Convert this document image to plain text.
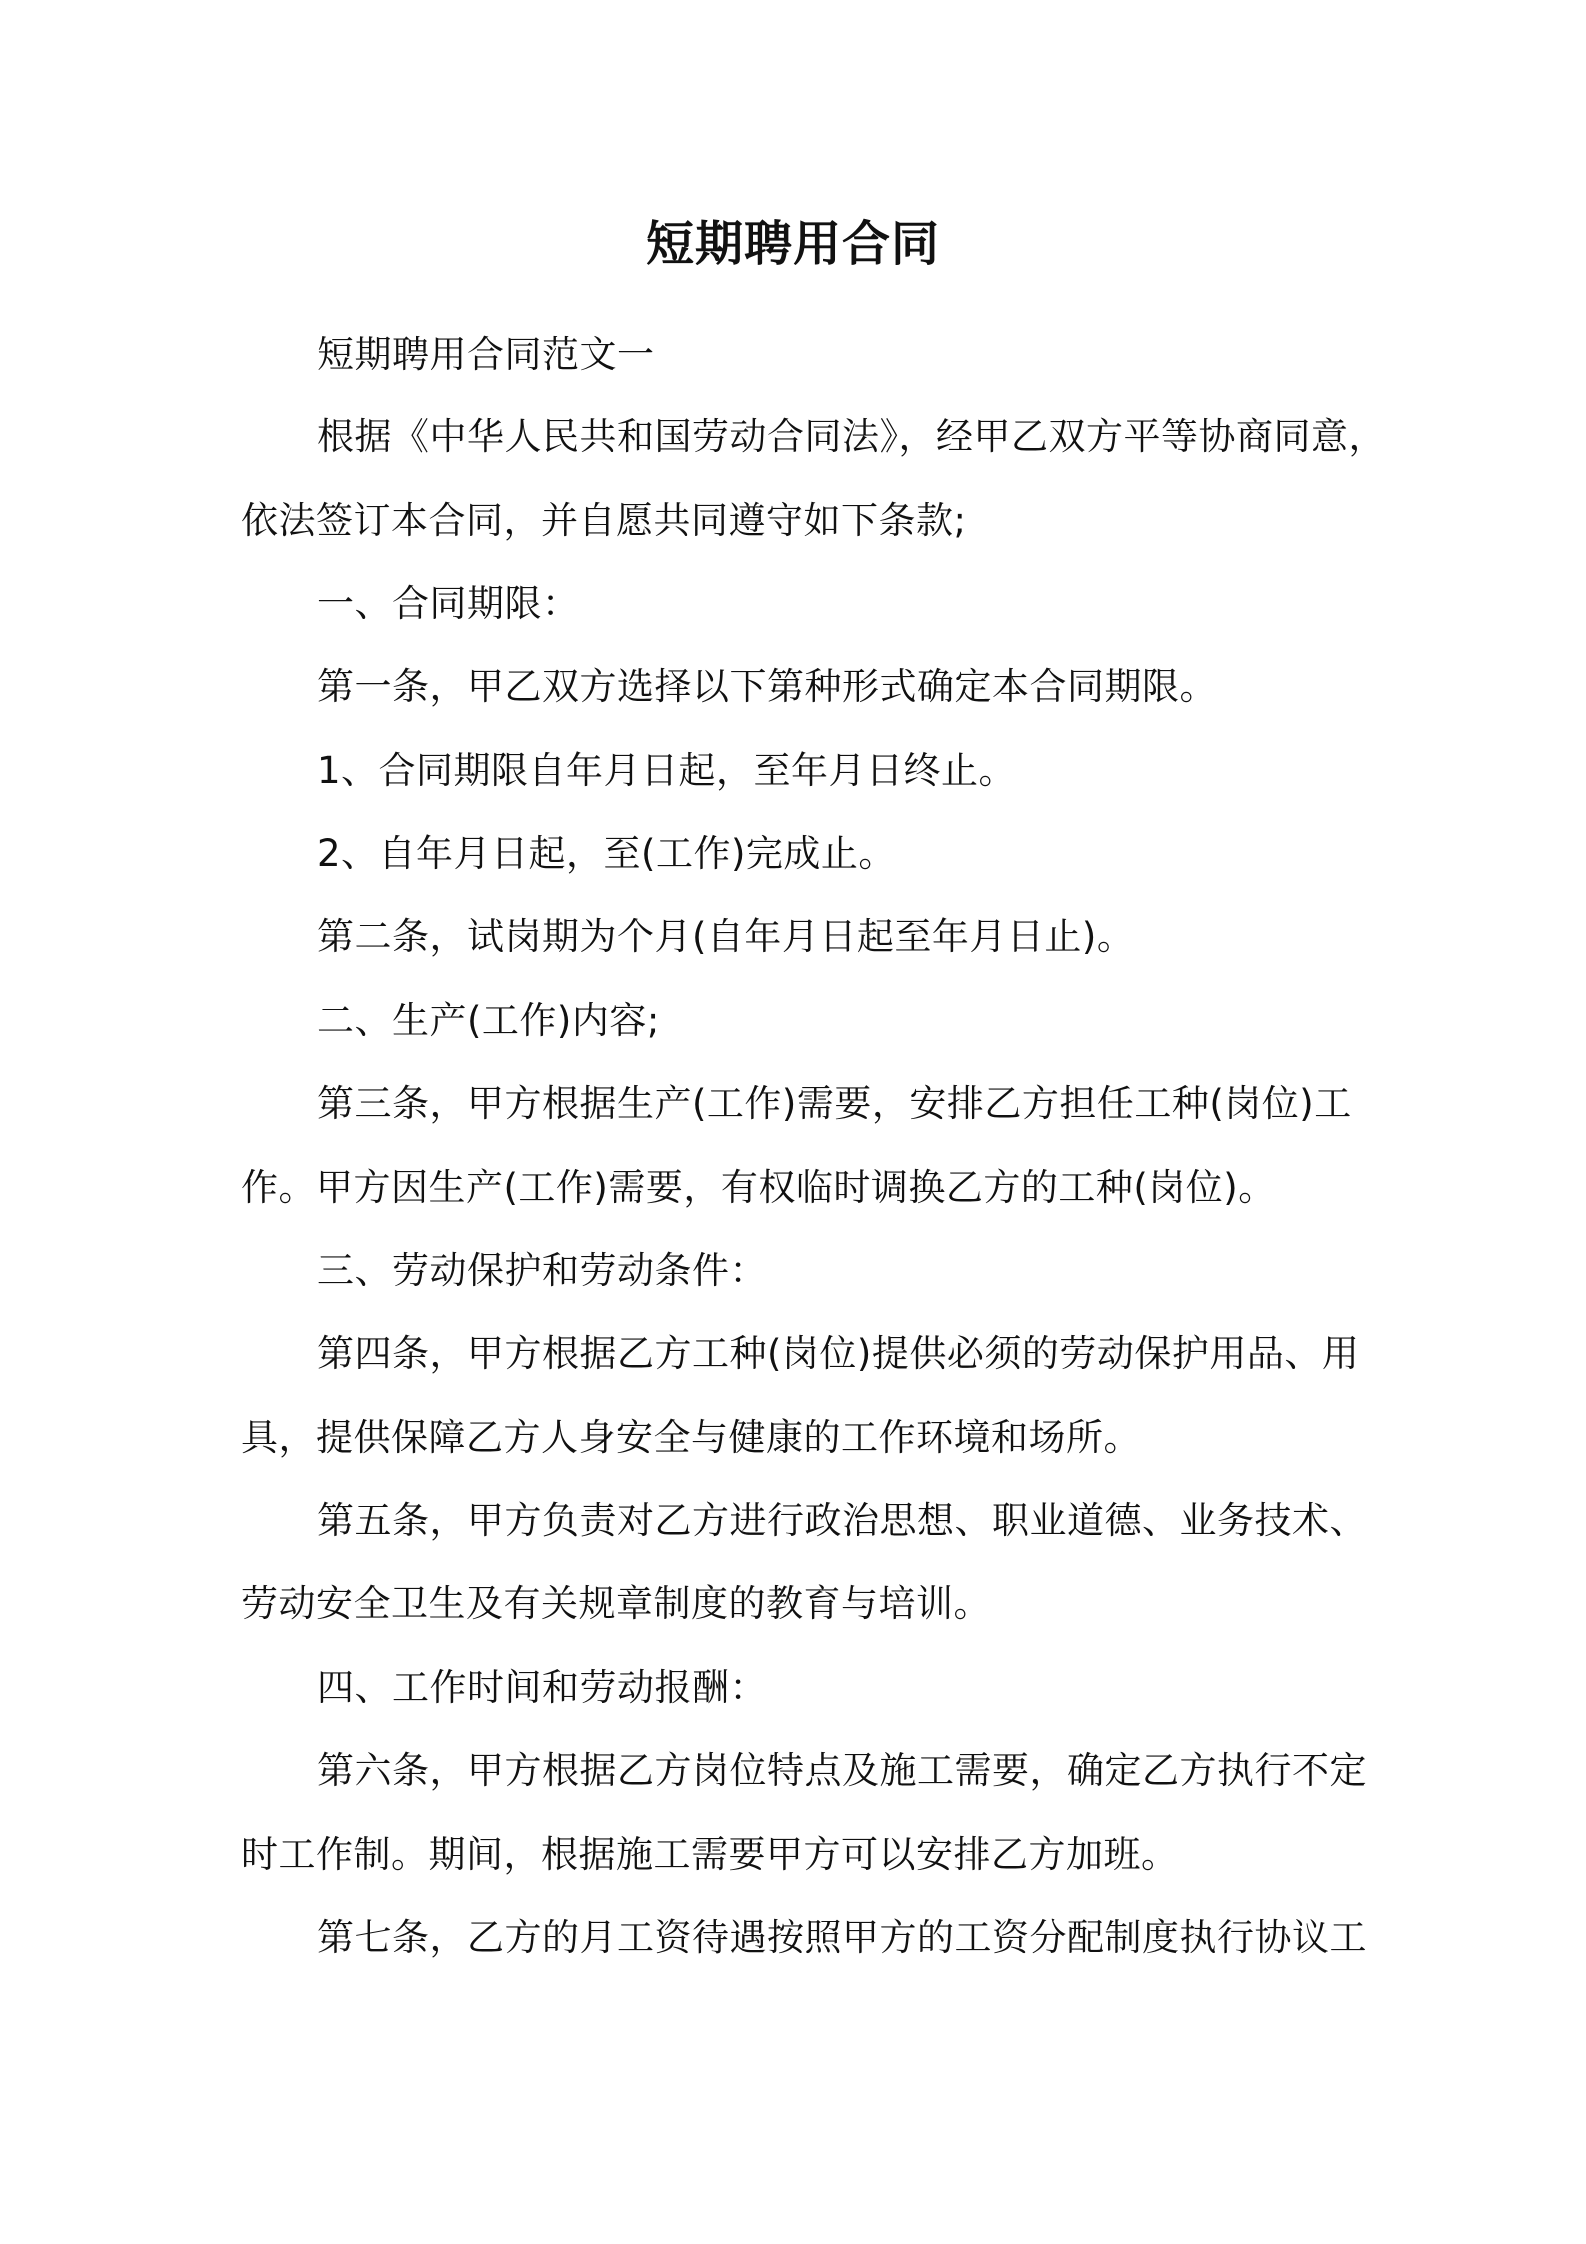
短期聘用合同
短期聘用合同范文一
根据《中华人民共和国劳动合同法》，经甲乙双方平等协商同意，
依法签订本合同，并自愿共同遵守如下条款;
一、合同期限：
第一条，甲乙双方选择以下第种形式确定本合同期限。
1、合同期限自年月日起，至年月日终止。
2、自年月日起，至(工作)完成止。
第二条，试岗期为个月(自年月日起至年月日止)。
二、生产(工作)内容;
第三条，甲方根据生产(工作)需要，安排乙方担任工种(岗位)工
作。甲方因生产(工作)需要，有权临时调换乙方的工种(岗位)。
三、劳动保护和劳动条件：
第四条，甲方根据乙方工种(岗位)提供必须的劳动保护用品、用
具，提供保障乙方人身安全与健康的工作环境和场所。
第五条，甲方负责对乙方进行政治思想、职业道德、业务技术、
劳动安全卫生及有关规章制度的教育与培训。
四、工作时间和劳动报酬：
第六条，甲方根据乙方岗位特点及施工需要，确定乙方执行不定
时工作制。期间，根据施工需要甲方可以安排乙方加班。
第七条，乙方的月工资待遇按照甲方的工资分配制度执行协议工
